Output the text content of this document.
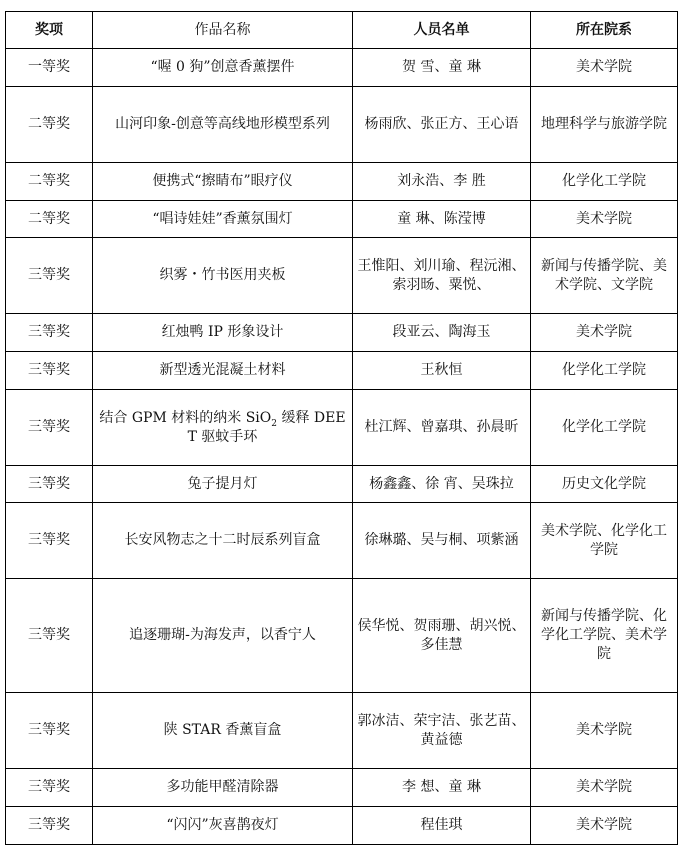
奖项	作品名称	人员名单	所在院系
一等奖	“喔 0 狗”创意香薰摆件	贺 雪、童 琳	美术学院
二等奖	山河印象-创意等高线地形模型系列	杨雨欣、张正方、王心语	地理科学与旅游学院
二等奖	便携式“擦睛布”眼疗仪	刘永浩、李 胜	化学化工学院
二等奖	“唱诗娃娃”香薰氛围灯	童 琳、陈滢博	美术学院
三等奖	织雾・竹书医用夹板	王惟阳、刘川瑜、程沅湘、索羽旸、粟悦、	新闻与传播学院、美术学院、文学院
三等奖	红烛鸭 IP 形象设计	段亚云、陶海玉	美术学院
三等奖	新型透光混凝土材料	王秋恒	化学化工学院
三等奖	结合 GPM 材料的纳米 SiO$_2$ 缓释 DEET 驱蚊手环	杜江辉、曾嘉琪、孙晨昕	化学化工学院
三等奖	兔子提月灯	杨鑫鑫、徐 宵、吴珠拉	历史文化学院
三等奖	长安风物志之十二时辰系列盲盒	徐琳璐、吴与桐、项紫涵	美术学院、化学化工学院
三等奖	追逐珊瑚-为海发声，以香宁人	侯华悦、贺雨珊、胡兴悦、多佳慧	新闻与传播学院、化学化工学院、美术学院
三等奖	陕 STAR 香薰盲盒	郭冰洁、荣宇洁、张艺苗、黄益德	美术学院
三等奖	多功能甲醛清除器	李 想、童 琳	美术学院
三等奖	“闪闪”灰喜鹊夜灯	程佳琪	美术学院
